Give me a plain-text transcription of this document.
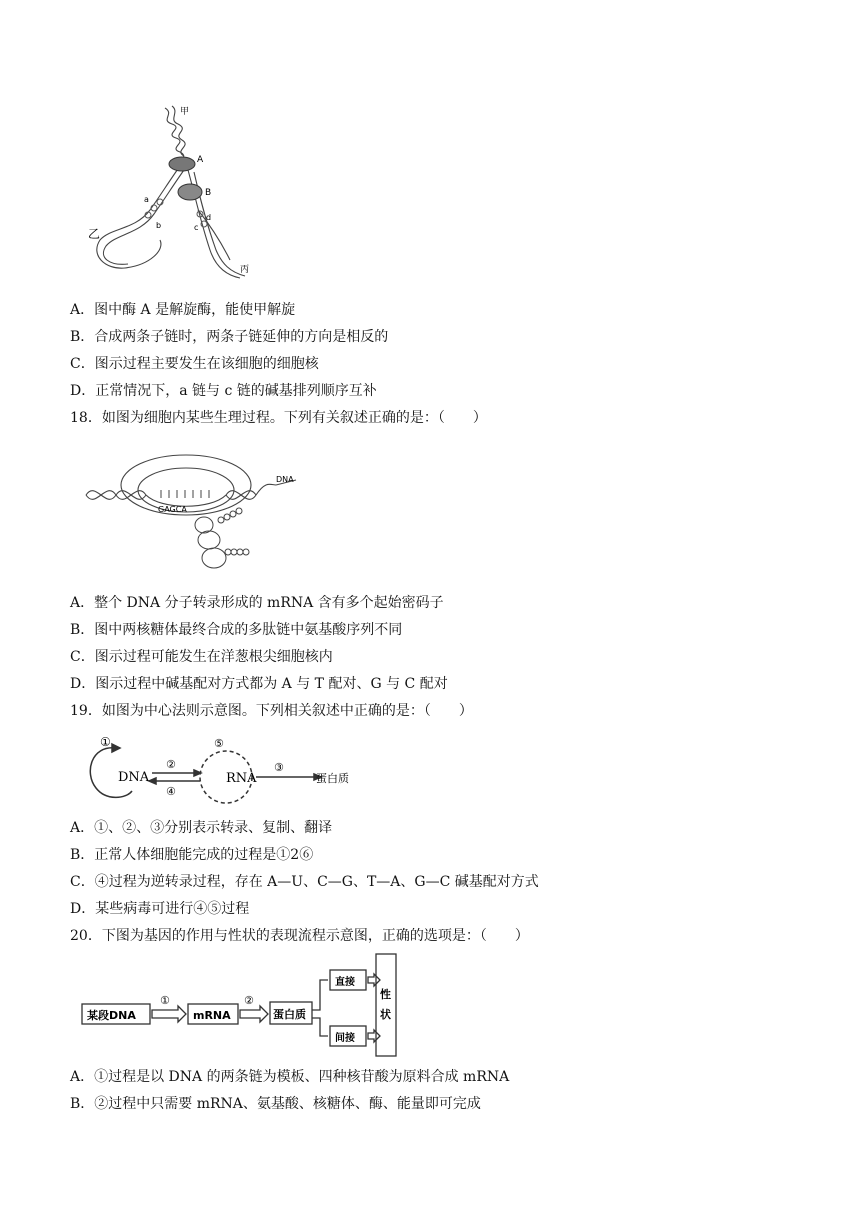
甲
A
B
a
b	c
d
乙
丙
A．图中酶 A 是解旋酶，能使甲解旋
B．合成两条子链时，两条子链延伸的方向是相反的
C．图示过程主要发生在该细胞的细胞核
D．正常情况下，a 链与 c 链的碱基排列顺序互补
18．如图为细胞内某些生理过程。下列有关叙述正确的是：（　　）
DNA
GAGCA
A．整个 DNA 分子转录形成的 mRNA 含有多个起始密码子
B．图中两核糖体最终合成的多肽链中氨基酸序列不同
C．图示过程可能发生在洋葱根尖细胞核内
D．图示过程中碱基配对方式都为 A 与 T 配对、G 与 C 配对
19．如图为中心法则示意图。下列相关叙述中正确的是：（　　）
①
DNA
②
④
⑤
RNA
③
蛋白质
A．①、②、③分别表示转录、复制、翻译
B．正常人体细胞能完成的过程是①2⑥
C．④过程为逆转录过程，存在 A—U、C—G、T—A、G—C 碱基配对方式
D．某些病毒可进行④⑤过程
20．下图为基因的作用与性状的表现流程示意图，正确的选项是：（　　）
某段DNA
①
mRNA
②
蛋白质
直接
间接
性
状
A．①过程是以 DNA 的两条链为模板、四种核苷酸为原料合成 mRNA
B．②过程中只需要 mRNA、氨基酸、核糖体、酶、能量即可完成
